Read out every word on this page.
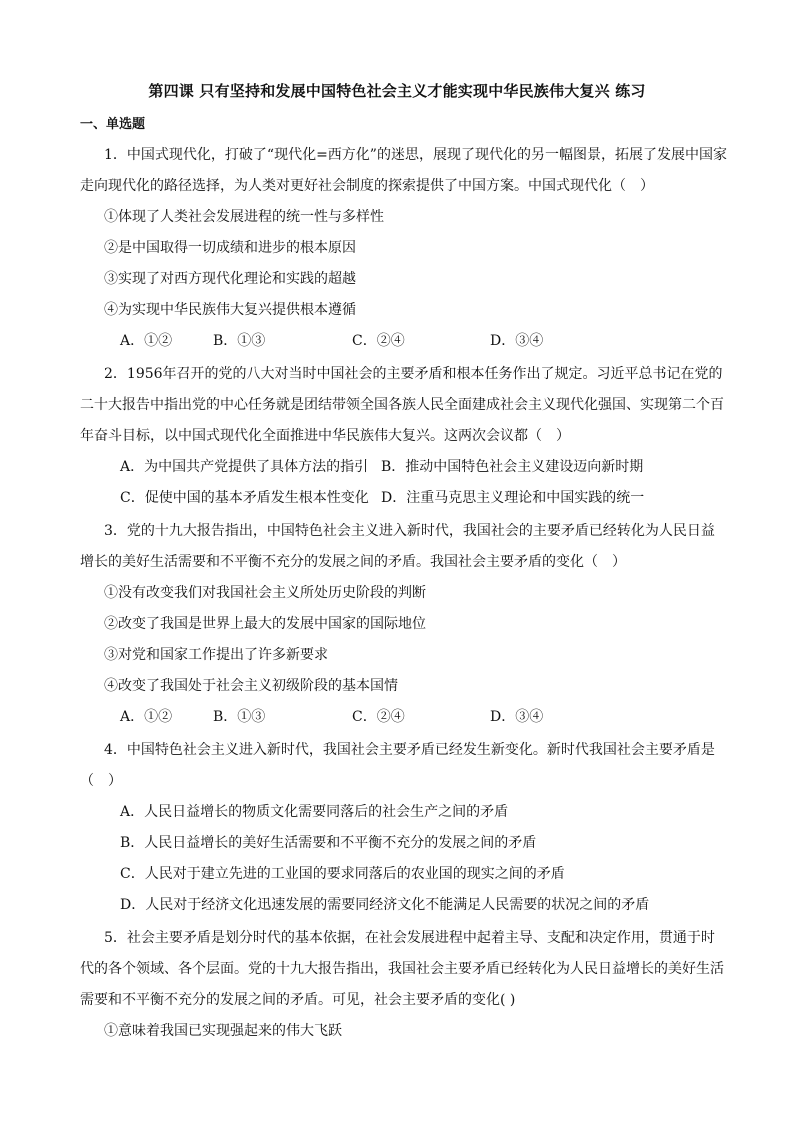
第四课 只有坚持和发展中国特色社会主义才能实现中华民族伟大复兴 练习
一、单选题
1．中国式现代化，打破了“现代化=西方化”的迷思，展现了现代化的另一幅图景，拓展了发展中国家
走向现代化的路径选择，为人类对更好社会制度的探索提供了中国方案。中国式现代化（　）
①体现了人类社会发展进程的统一性与多样性
②是中国取得一切成绩和进步的根本原因
③实现了对西方现代化理论和实践的超越
④为实现中华民族伟大复兴提供根本遵循
A．①②	B．①③	C．②④	D．③④
2．1956年召开的党的八大对当时中国社会的主要矛盾和根本任务作出了规定。习近平总书记在党的
二十大报告中指出党的中心任务就是团结带领全国各族人民全面建成社会主义现代化强国、实现第二个百
年奋斗目标，以中国式现代化全面推进中华民族伟大复兴。这两次会议都（　）
A．为中国共产党提供了具体方法的指引 B．推动中国特色社会主义建设迈向新时期
C．促使中国的基本矛盾发生根本性变化 D．注重马克思主义理论和中国实践的统一
3．党的十九大报告指出，中国特色社会主义进入新时代，我国社会的主要矛盾已经转化为人民日益
增长的美好生活需要和不平衡不充分的发展之间的矛盾。我国社会主要矛盾的变化（　）
①没有改变我们对我国社会主义所处历史阶段的判断
②改变了我国是世界上最大的发展中国家的国际地位
③对党和国家工作提出了许多新要求
④改变了我国处于社会主义初级阶段的基本国情
A．①②	B．①③	C．②④	D．③④
4．中国特色社会主义进入新时代，我国社会主要矛盾已经发生新变化。新时代我国社会主要矛盾是
（　）
A．人民日益增长的物质文化需要同落后的社会生产之间的矛盾
B．人民日益增长的美好生活需要和不平衡不充分的发展之间的矛盾
C．人民对于建立先进的工业国的要求同落后的农业国的现实之间的矛盾
D．人民对于经济文化迅速发展的需要同经济文化不能满足人民需要的状况之间的矛盾
5．社会主要矛盾是划分时代的基本依据，在社会发展进程中起着主导、支配和决定作用，贯通于时
代的各个领域、各个层面。党的十九大报告指出，我国社会主要矛盾已经转化为人民日益增长的美好生活
需要和不平衡不充分的发展之间的矛盾。可见，社会主要矛盾的变化( )
①意味着我国已实现强起来的伟大飞跃
